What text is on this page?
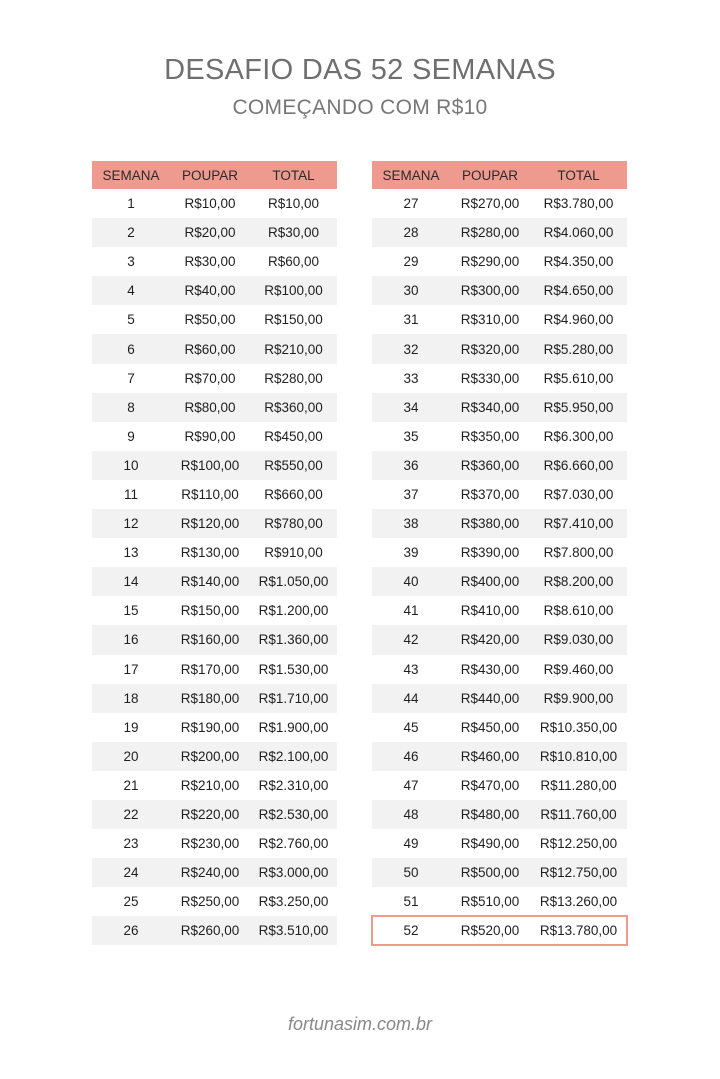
DESAFIO DAS 52 SEMANAS
COMEÇANDO COM R$10
SEMANA	POUPAR	TOTAL
1	R$10,00	R$10,00
2	R$20,00	R$30,00
3	R$30,00	R$60,00
4	R$40,00	R$100,00
5	R$50,00	R$150,00
6	R$60,00	R$210,00
7	R$70,00	R$280,00
8	R$80,00	R$360,00
9	R$90,00	R$450,00
10	R$100,00	R$550,00
11	R$110,00	R$660,00
12	R$120,00	R$780,00
13	R$130,00	R$910,00
14	R$140,00	R$1.050,00
15	R$150,00	R$1.200,00
16	R$160,00	R$1.360,00
17	R$170,00	R$1.530,00
18	R$180,00	R$1.710,00
19	R$190,00	R$1.900,00
20	R$200,00	R$2.100,00
21	R$210,00	R$2.310,00
22	R$220,00	R$2.530,00
23	R$230,00	R$2.760,00
24	R$240,00	R$3.000,00
25	R$250,00	R$3.250,00
26	R$260,00	R$3.510,00
SEMANA	POUPAR	TOTAL
27	R$270,00	R$3.780,00
28	R$280,00	R$4.060,00
29	R$290,00	R$4.350,00
30	R$300,00	R$4.650,00
31	R$310,00	R$4.960,00
32	R$320,00	R$5.280,00
33	R$330,00	R$5.610,00
34	R$340,00	R$5.950,00
35	R$350,00	R$6.300,00
36	R$360,00	R$6.660,00
37	R$370,00	R$7.030,00
38	R$380,00	R$7.410,00
39	R$390,00	R$7.800,00
40	R$400,00	R$8.200,00
41	R$410,00	R$8.610,00
42	R$420,00	R$9.030,00
43	R$430,00	R$9.460,00
44	R$440,00	R$9.900,00
45	R$450,00	R$10.350,00
46	R$460,00	R$10.810,00
47	R$470,00	R$11.280,00
48	R$480,00	R$11.760,00
49	R$490,00	R$12.250,00
50	R$500,00	R$12.750,00
51	R$510,00	R$13.260,00
52	R$520,00	R$13.780,00
fortunasim.com.br
